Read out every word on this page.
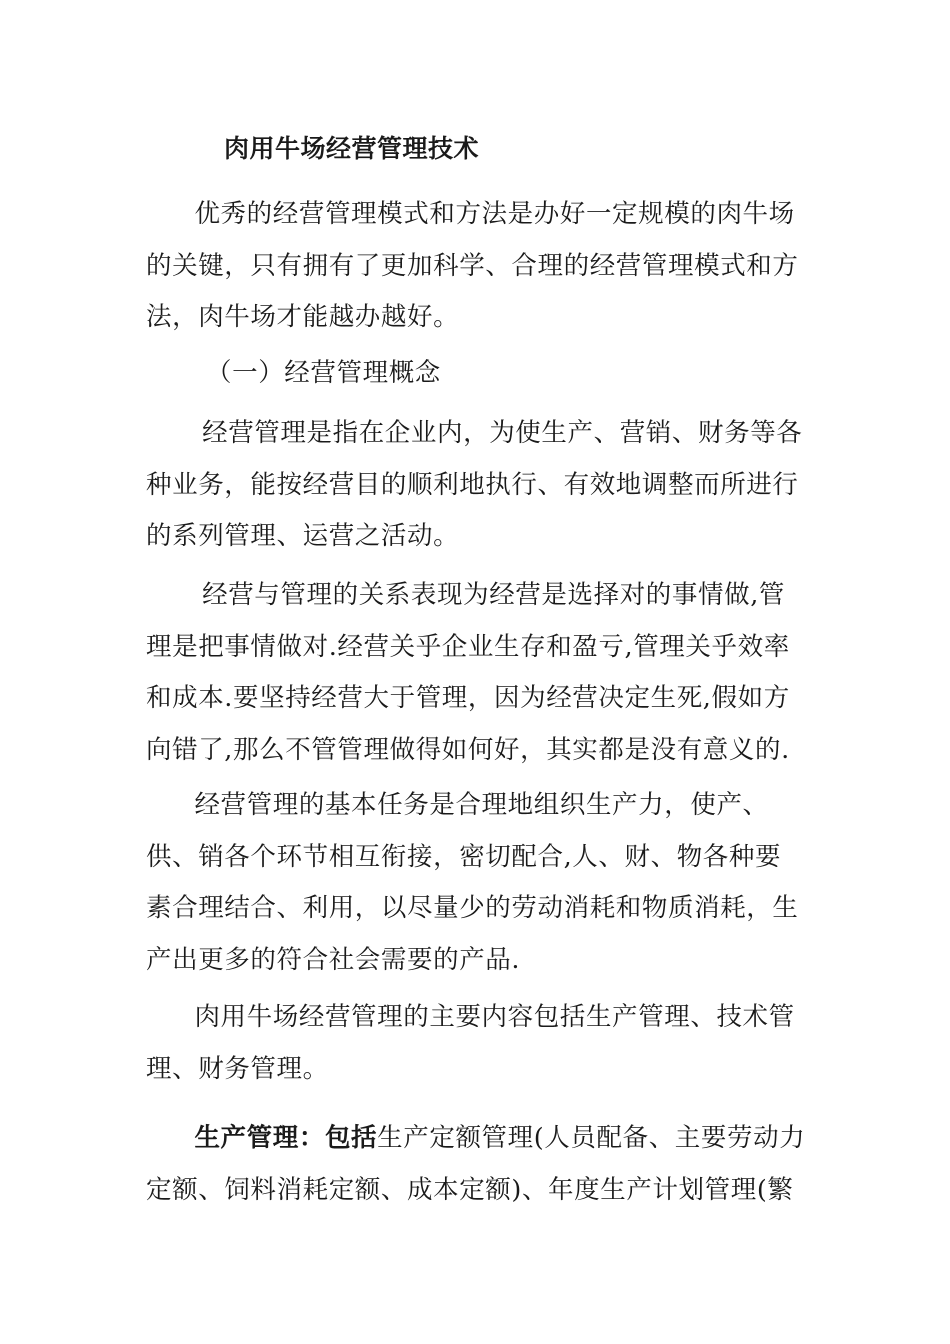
肉用牛场经营管理技术

优秀的经营管理模式和方法是办好一定规模的肉牛场的关键，只有拥有了更加科学、合理的经营管理模式和方法，肉牛场才能越办越好。

（一）经营管理概念

经营管理是指在企业内，为使生产、营销、财务等各种业务，能按经营目的顺利地执行、有效地调整而所进行的系列管理、运营之活动。

经营与管理的关系表现为经营是选择对的事情做,管理是把事情做对.经营关乎企业生存和盈亏,管理关乎效率和成本.要坚持经营大于管理，因为经营决定生死,假如方向错了,那么不管管理做得如何好，其实都是没有意义的.

经营管理的基本任务是合理地组织生产力，使产、供、销各个环节相互衔接，密切配合,人、财、物各种要素合理结合、利用，以尽量少的劳动消耗和物质消耗，生产出更多的符合社会需要的产品.

肉用牛场经营管理的主要内容包括生产管理、技术管理、财务管理。

生产管理：包括生产定额管理(人员配备、主要劳动力定额、饲料消耗定额、成本定额)、年度生产计划管理(繁
